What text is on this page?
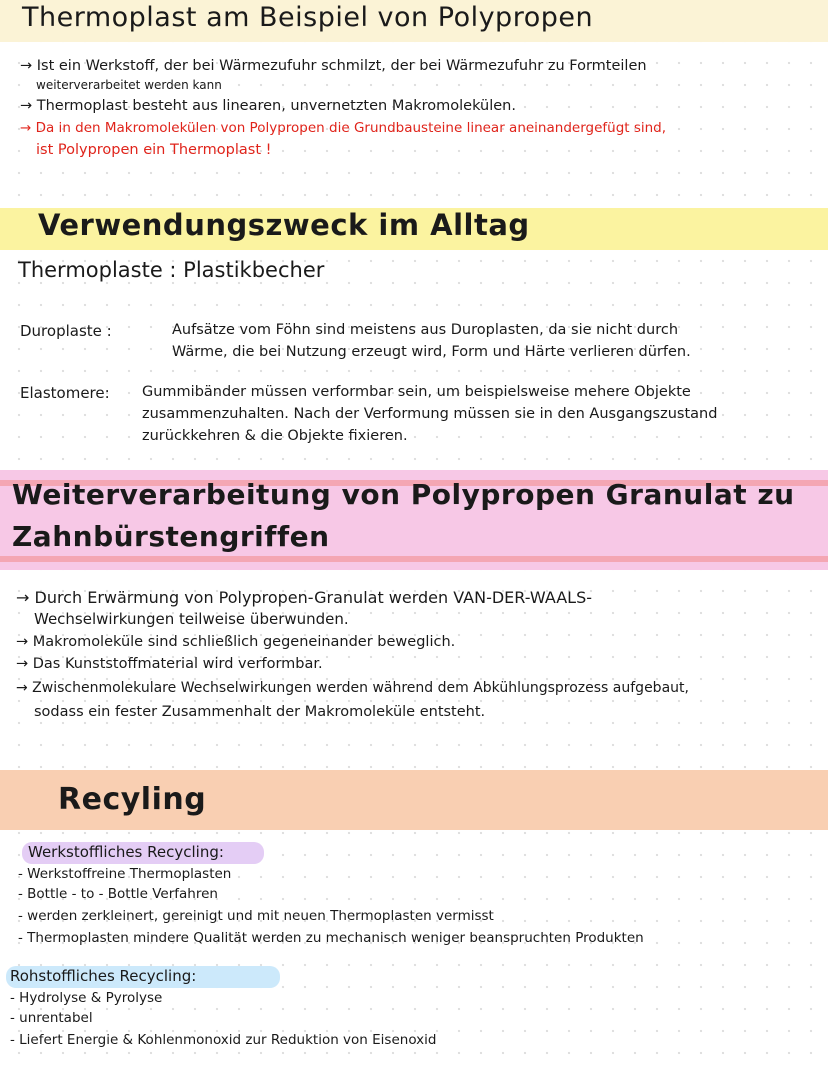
Thermoplast am Beispiel von Polypropen
→ Ist ein Werkstoff, der bei Wärmezufuhr schmilzt, der bei Wärmezufuhr zu Formteilen
weiterverarbeitet werden kann
→ Thermoplast besteht aus linearen, unvernetzten Makromolekülen.
→ Da in den Makromolekülen von Polypropen die Grundbausteine linear aneinandergefügt sind,
ist Polypropen ein Thermoplast !
Verwendungszweck im Alltag
Thermoplaste : Plastikbecher
Duroplaste :	Aufsätze vom Föhn sind meistens aus Duroplasten, da sie nicht durch
Wärme, die bei Nutzung erzeugt wird, Form und Härte verlieren dürfen.
Elastomere: Gummibänder müssen verformbar sein, um beispielsweise mehere Objekte
zusammenzuhalten. Nach der Verformung müssen sie in den Ausgangszustand
zurückkehren & die Objekte fixieren.
Weiterverarbeitung von Polypropen Granulat zu
Zahnbürstengriffen
→ Durch Erwärmung von Polypropen-Granulat werden VAN-DER-WAALS-
Wechselwirkungen teilweise überwunden.
→ Makromoleküle sind schließlich gegeneinander beweglich.
→ Das Kunststoffmaterial wird verformbar.
→ Zwischenmolekulare Wechselwirkungen werden während dem Abkühlungsprozess aufgebaut,
sodass ein fester Zusammenhalt der Makromoleküle entsteht.
Recyling
Werkstoffliches Recycling:
- Werkstoffreine Thermoplasten
- Bottle - to - Bottle Verfahren
- werden zerkleinert, gereinigt und mit neuen Thermoplasten vermisst
- Thermoplasten mindere Qualität werden zu mechanisch weniger beanspruchten Produkten
Rohstoffliches Recycling:
- Hydrolyse & Pyrolyse
- unrentabel
- Liefert Energie & Kohlenmonoxid zur Reduktion von Eisenoxid
